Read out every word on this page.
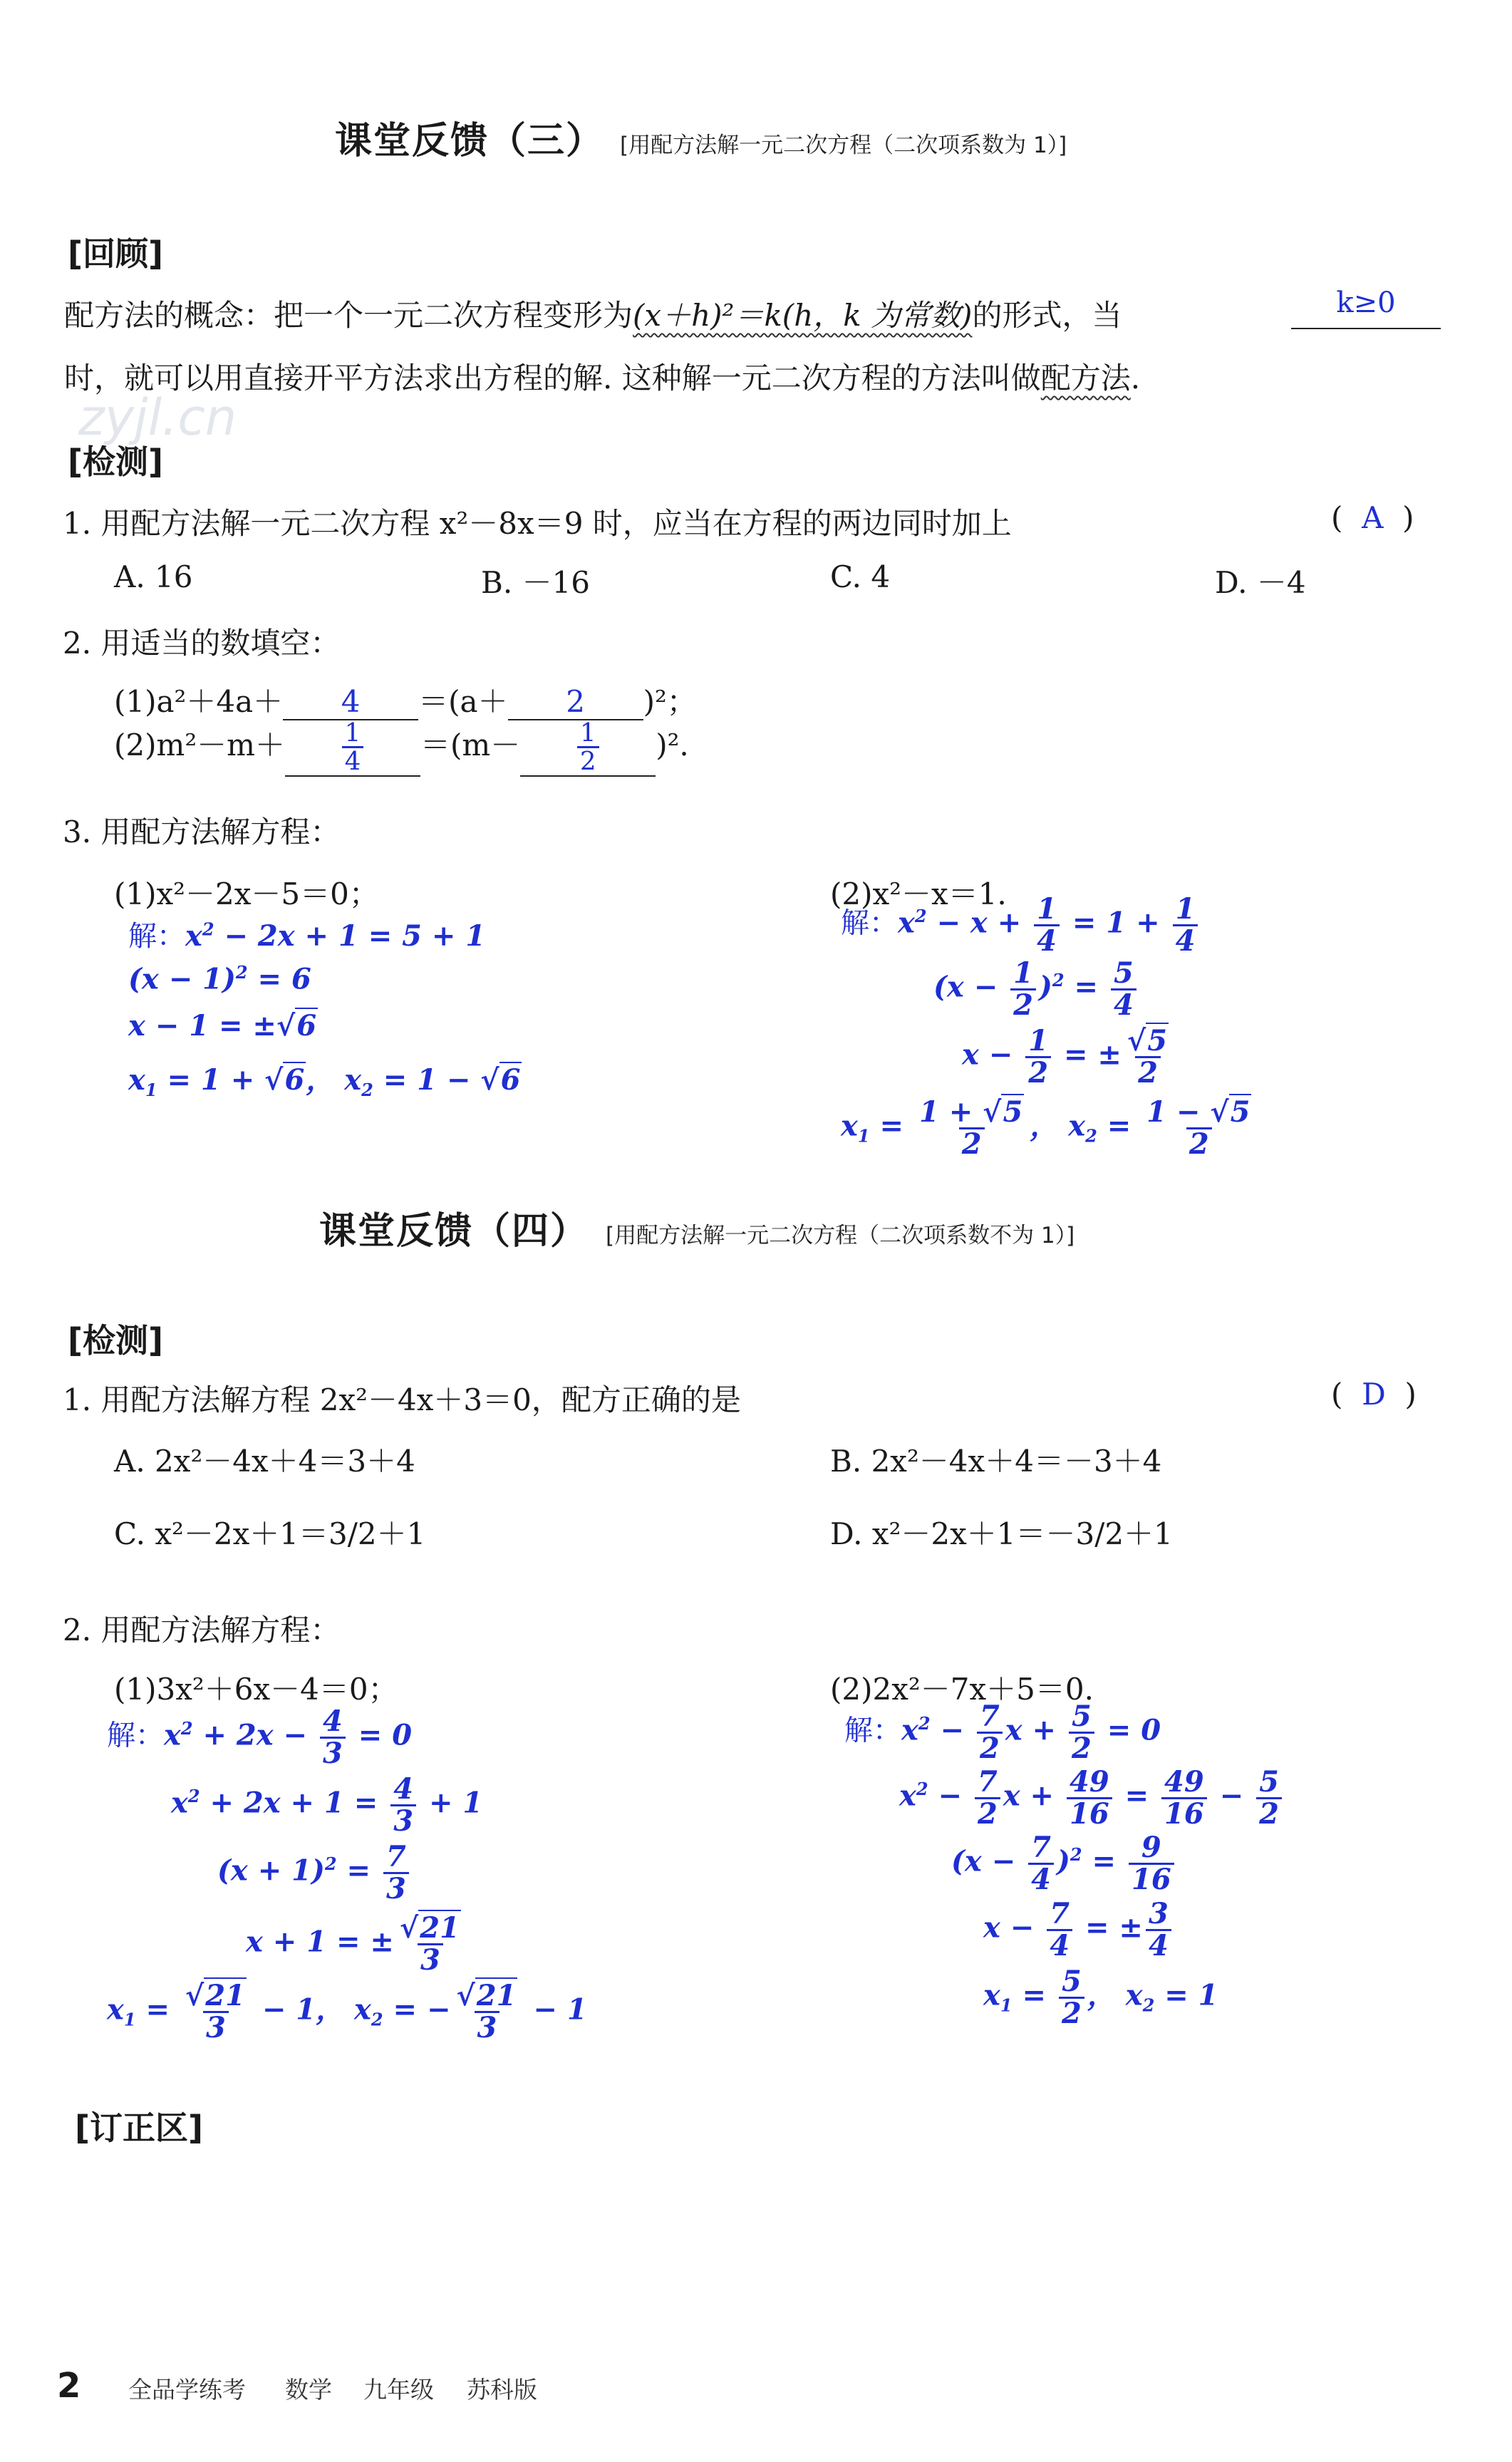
课堂反馈（三） [用配方法解一元二次方程（二次项系数为 1）]
[回顾]
配方法的概念：把一个一元二次方程变形为(x＋h)²＝k(h，k 为常数)的形式，当	k≥0
时，就可以用直接开平方法求出方程的解. 这种解一元二次方程的方法叫做配方法.
zyjl.cn
[检测]
1. 用配方法解一元二次方程 x²－8x＝9 时，应当在方程的两边同时加上	(  A  )
A. 16	B. －16	C. 4	D. －4
2. 用适当的数填空：
(1)a²＋4a＋ 4 ＝(a＋ 2 )²；
$(2)m^2-m+ \frac{1}{4} =(m- \frac{1}{2} )^2$.
3. 用配方法解方程：
(1)x²－2x－5＝0；	(2)x²－x＝1.
解：$x^2 - 2x + 1 = 5 + 1$
$(x - 1)^2 = 6$
x − 1 = ±√6
$x_1 = 1 + √6$， $x_2 = 1 - √6$
解：$x^2 - x + \frac{1}{4} = 1 + \frac{1}{4}$
$(x - \frac{1}{2} )^2 = \frac{5}{4}$
$x - \frac{1}{2}$ = ± $\frac{√5}{2}$
$x_1 = \frac{1 + √5}{2}$ ， $x_2 = \frac{1 - √5}{2}$
课堂反馈（四） [用配方法解一元二次方程（二次项系数不为 1）]
[检测]
1. 用配方法解方程 2x²－4x＋3＝0，配方正确的是	(  D  )
A. 2x²－4x＋4＝3＋4	B. 2x²－4x＋4＝－3＋4
C. x²－2x＋1＝3/2＋1	D. x²－2x＋1＝－3/2＋1
2. 用配方法解方程：
(1)3x²＋6x－4＝0；	(2)2x²－7x＋5＝0.
解：$x^2 + 2x - \frac{4}{3} = 0$
$x^2 + 2x + 1 = \frac{4}{3} + 1$
$(x + 1)^2 = \frac{7}{3}$
x + 1 = ± $\frac{√21}{3}$
$x_1 = \frac{√21}{3} - 1$， $x_2$ = − $\frac{√21}{3} - 1$
解：$x^2 - \frac{7}{2}$ $x + \frac{5}{2} = 0$
$x^2 - \frac{7}{2}$ $x + \frac{49}{16} = \frac{49}{16} - \frac{5}{2}$
$(x - \frac{7}{4} )^2 = \frac{9}{16}$
$x - \frac{7}{4}$ = ± $\frac{3}{4}$
$x_1 = \frac{5}{2}$ ， $x_2 = 1$
[订正区]
2 全品学练考 数学 九年级 苏科版
